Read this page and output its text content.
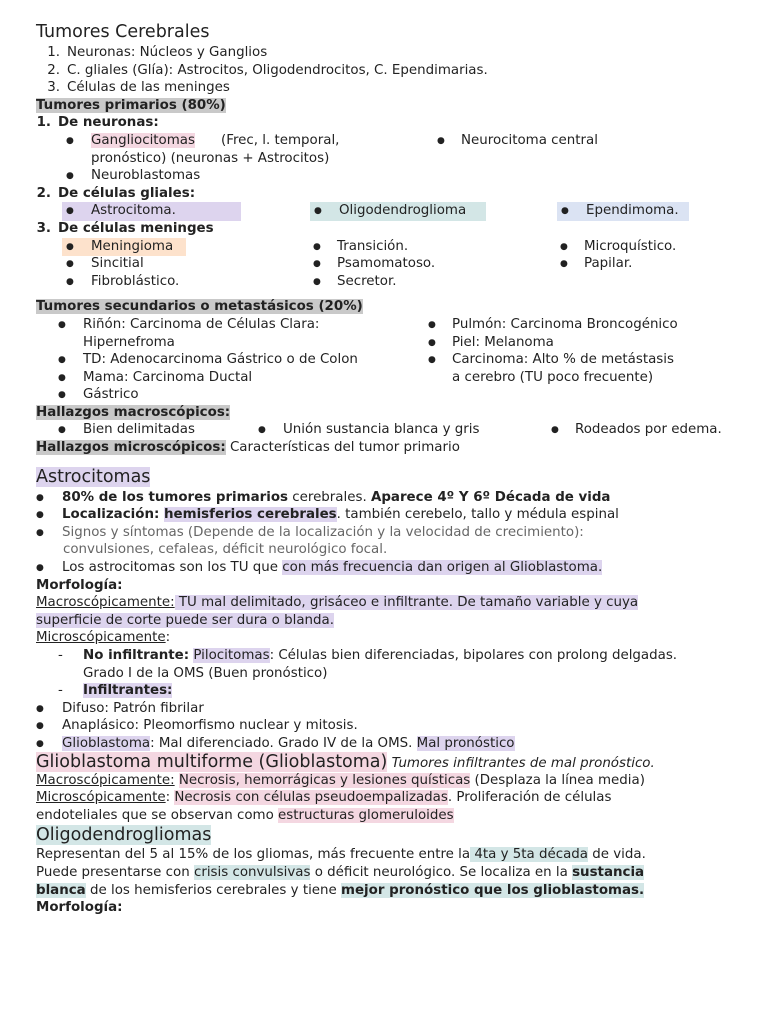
Tumores Cerebrales
1. Neuronas: Núcleos y Ganglios
2. C. gliales (Glía): Astrocitos, Oligodendrocitos, C. Ependimarias.
3. Células de las meninges
Tumores primarios (80%)
1. De neuronas:
● Gangliocitomas (Frec, l. temporal,	● Neurocitoma central
pronóstico) (neuronas + Astrocitos)
● Neuroblastomas
2. De células gliales:
● Astrocitoma.	● Oligodendroglioma	● Ependimoma.
3. De células meninges
● Meningioma	● Transición.	● Microquístico.
● Sincitial	● Psamomatoso.	● Papilar.
● Fibroblástico.	● Secretor.
Tumores secundarios o metastásicos (20%)
● Riñón: Carcinoma de Células Clara:	● Pulmón: Carcinoma Broncogénico
Hipernefroma	● Piel: Melanoma
● TD: Adenocarcinoma Gástrico o de Colon	● Carcinoma: Alto % de metástasis
● Mama: Carcinoma Ductal	a cerebro (TU poco frecuente)
● Gástrico
Hallazgos macroscópicos:
● Bien delimitadas	● Unión sustancia blanca y gris	● Rodeados por edema.
Hallazgos microscópicos: Características del tumor primario
Astrocitomas
● 80% de los tumores primarios cerebrales. Aparece 4º Y 6º Década de vida
● Localización: hemisferios cerebrales. también cerebelo, tallo y médula espinal
● Signos y síntomas (Depende de la localización y la velocidad de crecimiento):
convulsiones, cefaleas, déficit neurológico focal.
● Los astrocitomas son los TU que con más frecuencia dan origen al Glioblastoma.
Morfología:
Macroscópicamente: TU mal delimitado, grisáceo e infiltrante. De tamaño variable y cuya
superficie de corte puede ser dura o blanda.
Microscópicamente:
- No infiltrante: Pilocitomas: Células bien diferenciadas, bipolares con prolong delgadas.
Grado I de la OMS (Buen pronóstico)
- Infiltrantes:
● Difuso: Patrón fibrilar
● Anaplásico: Pleomorfismo nuclear y mitosis.
● Glioblastoma: Mal diferenciado. Grado IV de la OMS. Mal pronóstico
Glioblastoma multiforme (Glioblastoma) Tumores infiltrantes de mal pronóstico.
Macroscópicamente: Necrosis, hemorrágicas y lesiones quísticas (Desplaza la línea media)
Microscópicamente: Necrosis con células pseudoempalizadas. Proliferación de células
endoteliales que se observan como estructuras glomeruloides
Oligodendrogliomas
Representan del 5 al 15% de los gliomas, más frecuente entre la 4ta y 5ta década de vida.
Puede presentarse con crisis convulsivas o déficit neurológico. Se localiza en la sustancia
blanca de los hemisferios cerebrales y tiene mejor pronóstico que los glioblastomas.
Morfología:
